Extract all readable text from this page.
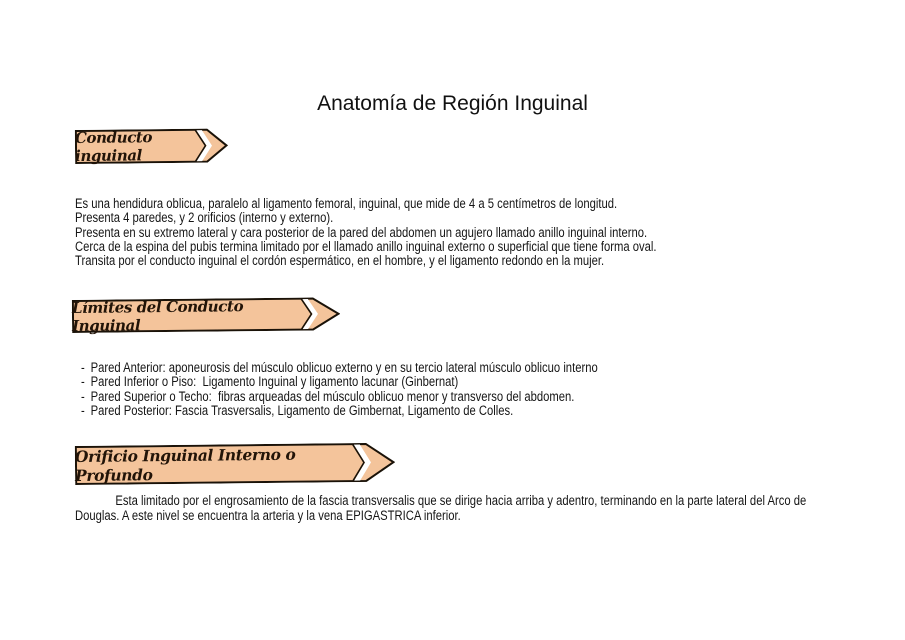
Anatomía de Región Inguinal
Conducto inguinal
Es una hendidura oblicua, paralelo al ligamento femoral, inguinal, que mide de 4 a 5 centímetros de longitud.
Presenta 4 paredes, y 2 orificios (interno y externo).
Presenta en su extremo lateral y cara posterior de la pared del abdomen un agujero llamado anillo inguinal interno.
Cerca de la espina del pubis termina limitado por el llamado anillo inguinal externo o superficial que tiene forma oval.
Transita por el conducto inguinal el cordón espermático, en el hombre, y el ligamento redondo en la mujer.
Límites del Conducto Inguinal
- Pared Anterior: aponeurosis del músculo oblicuo externo y en su tercio lateral músculo oblicuo interno
- Pared Inferior o Piso:  Ligamento Inguinal y ligamento lacunar (Ginbernat)
- Pared Superior o Techo:  fibras arqueadas del músculo oblicuo menor y transverso del abdomen.
- Pared Posterior: Fascia Trasversalis, Ligamento de Gimbernat, Ligamento de Colles.
Orificio Inguinal Interno o Profundo

Esta limitado por el engrosamiento de la fascia transversalis que se dirige hacia arriba y adentro, terminando en la parte lateral del Arco de Douglas. A este nivel se encuentra la arteria y la vena EPIGASTRICA inferior.
